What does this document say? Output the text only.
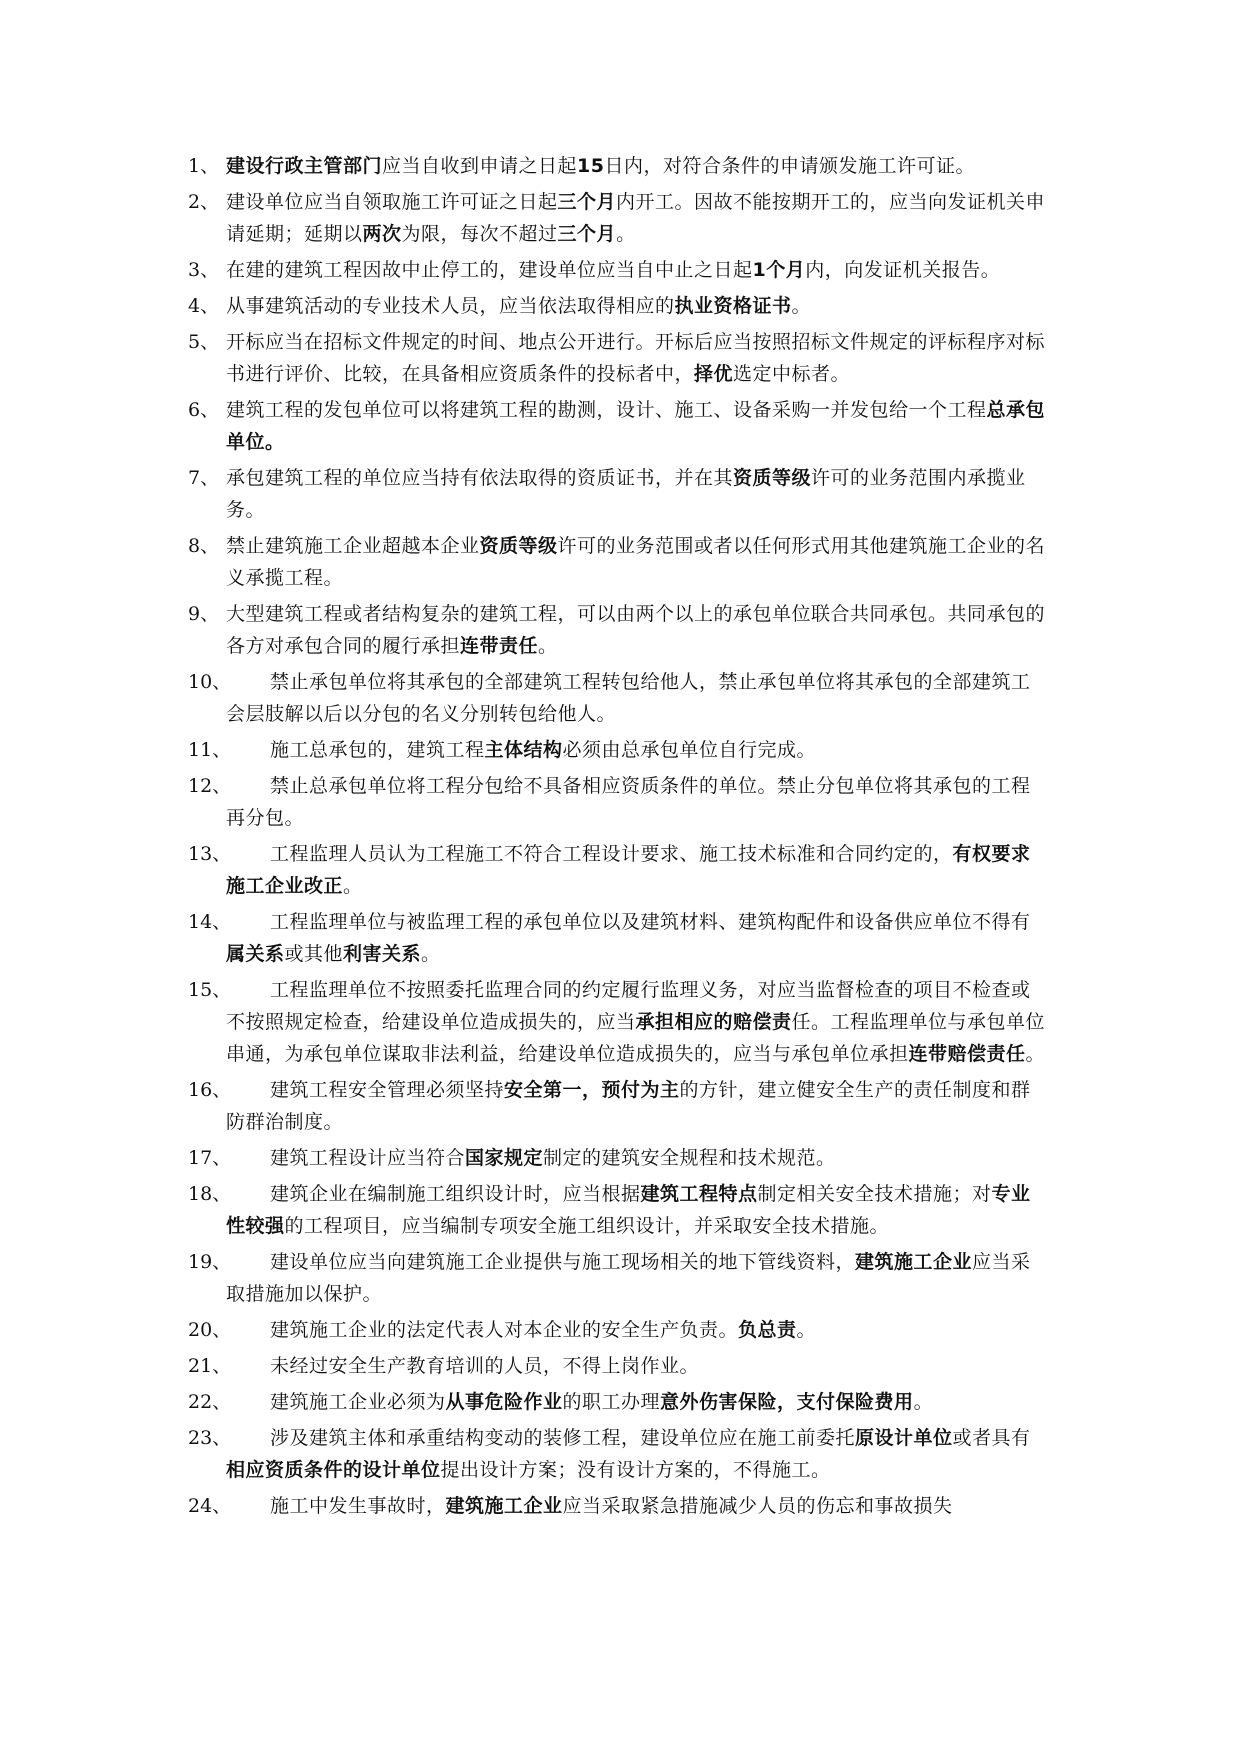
1、 建设行政主管部门应当自收到申请之日起15日内，对符合条件的申请颁发施工许可证。
2、 建设单位应当自领取施工许可证之日起三个月内开工。因故不能按期开工的，应当向发证机关申请延期；延期以两次为限，每次不超过三个月。
3、 在建的建筑工程因故中止停工的，建设单位应当自中止之日起1个月内，向发证机关报告。
4、 从事建筑活动的专业技术人员，应当依法取得相应的执业资格证书。
5、 开标应当在招标文件规定的时间、地点公开进行。开标后应当按照招标文件规定的评标程序对标书进行评价、比较，在具备相应资质条件的投标者中，择优选定中标者。
6、 建筑工程的发包单位可以将建筑工程的勘测，设计、施工、设备采购一并发包给一个工程总承包单位。
7、 承包建筑工程的单位应当持有依法取得的资质证书，并在其资质等级许可的业务范围内承揽业务。
8、 禁止建筑施工企业超越本企业资质等级许可的业务范围或者以任何形式用其他建筑施工企业的名义承揽工程。
9、 大型建筑工程或者结构复杂的建筑工程，可以由两个以上的承包单位联合共同承包。共同承包的各方对承包合同的履行承担连带责任。
10、	禁止承包单位将其承包的全部建筑工程转包给他人，禁止承包单位将其承包的全部建筑工会层肢解以后以分包的名义分别转包给他人。
11、	施工总承包的，建筑工程主体结构必须由总承包单位自行完成。
12、	禁止总承包单位将工程分包给不具备相应资质条件的单位。禁止分包单位将其承包的工程再分包。
13、	工程监理人员认为工程施工不符合工程设计要求、施工技术标准和合同约定的，有权要求施工企业改正。
14、	工程监理单位与被监理工程的承包单位以及建筑材料、建筑构配件和设备供应单位不得有属关系或其他利害关系。
15、	工程监理单位不按照委托监理合同的约定履行监理义务，对应当监督检查的项目不检查或不按照规定检查，给建设单位造成损失的，应当承担相应的赔偿责任。工程监理单位与承包单位串通，为承包单位谋取非法利益，给建设单位造成损失的，应当与承包单位承担连带赔偿责任。
16、	建筑工程安全管理必须坚持安全第一，预付为主的方针，建立健安全生产的责任制度和群防群治制度。
17、	建筑工程设计应当符合国家规定制定的建筑安全规程和技术规范。
18、	建筑企业在编制施工组织设计时，应当根据建筑工程特点制定相关安全技术措施；对专业性较强的工程项目，应当编制专项安全施工组织设计，并采取安全技术措施。
19、	建设单位应当向建筑施工企业提供与施工现场相关的地下管线资料，建筑施工企业应当采取措施加以保护。
20、	建筑施工企业的法定代表人对本企业的安全生产负责。负总责。
21、	未经过安全生产教育培训的人员，不得上岗作业。
22、	建筑施工企业必须为从事危险作业的职工办理意外伤害保险，支付保险费用。
23、	涉及建筑主体和承重结构变动的装修工程，建设单位应在施工前委托原设计单位或者具有相应资质条件的设计单位提出设计方案；没有设计方案的，不得施工。
24、	施工中发生事故时，建筑施工企业应当采取紧急措施减少人员的伤忘和事故损失
